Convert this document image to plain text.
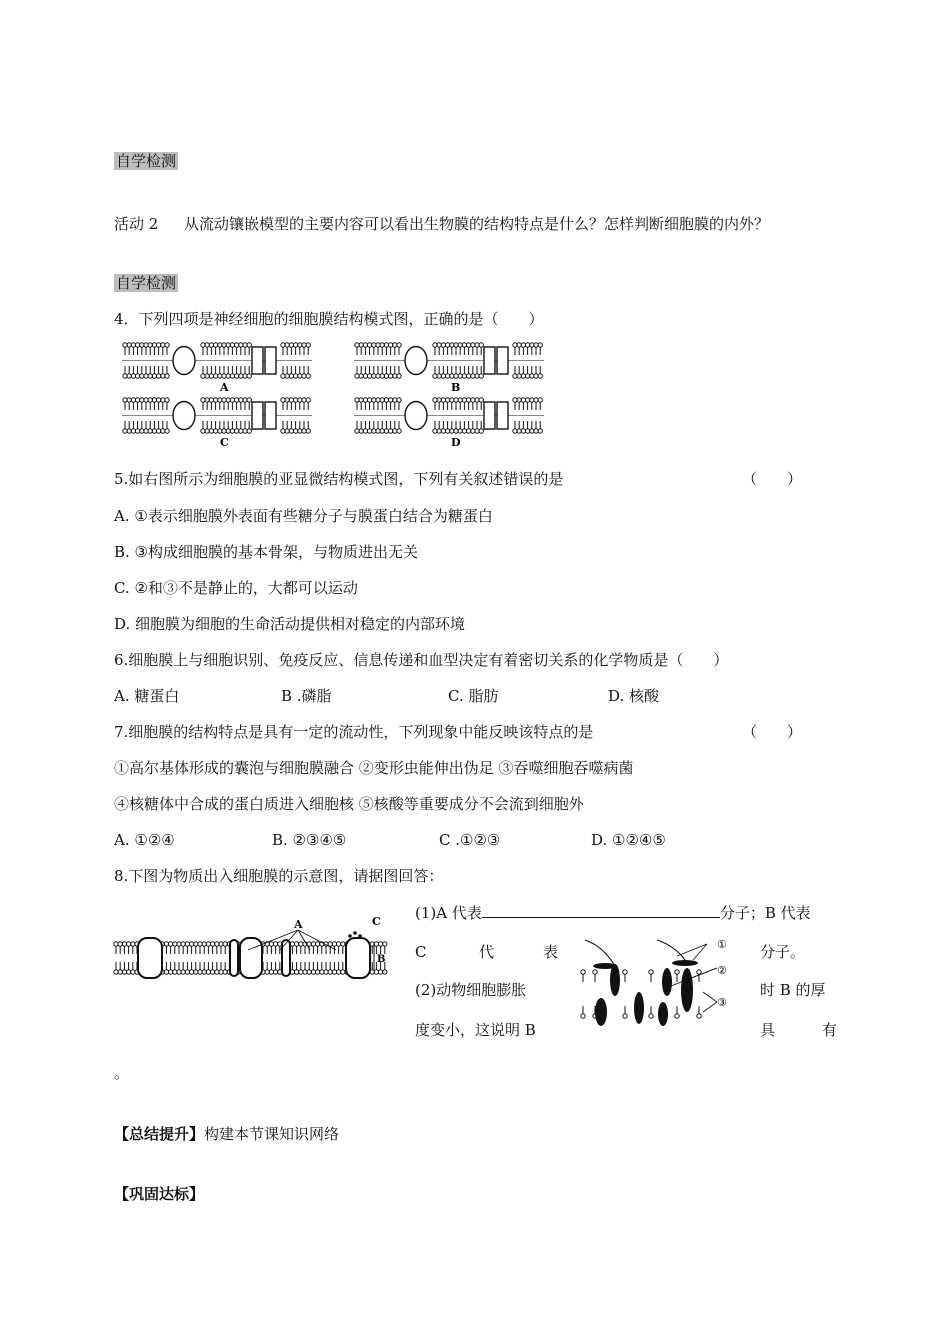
自学检测
活动 2 从流动镶嵌模型的主要内容可以看出生物膜的结构特点是什么？怎样判断细胞膜的内外？
自学检测
4．下列四项是神经细胞的细胞膜结构模式图，正确的是（　　）
A	B
C	D
5.如右图所示为细胞膜的亚显微结构模式图，下列有关叙述错误的是	（　　）
A. ①表示细胞膜外表面有些糖分子与膜蛋白结合为糖蛋白
B. ③构成细胞膜的基本骨架，与物质进出无关
C. ②和③不是静止的，大都可以运动
D. 细胞膜为细胞的生命活动提供相对稳定的内部环境
6.细胞膜上与细胞识别、免疫反应、信息传递和血型决定有着密切关系的化学物质是（　　）
A. 糖蛋白	B .磷脂	C. 脂肪	D. 核酸
7.细胞膜的结构特点是具有一定的流动性，下列现象中能反映该特点的是	（　　）
①高尔基体形成的囊泡与细胞膜融合 ②变形虫能伸出伪足 ③吞噬细胞吞噬病菌
④核糖体中合成的蛋白质进入细胞核 ⑤核酸等重要成分不会流到细胞外
A. ①②④	B. ②③④⑤	C .①②③	D. ①②④⑤
8.下图为物质出入细胞膜的示意图，请据图回答：
A	C
B
(1)A 代表	分子；B 代表
C	代	表	分子。
(2)动物细胞膨胀	时 B 的厚
度变小，这说明 B	具	有
①
②
③
。
【总结提升】构建本节课知识网络
【巩固达标】
